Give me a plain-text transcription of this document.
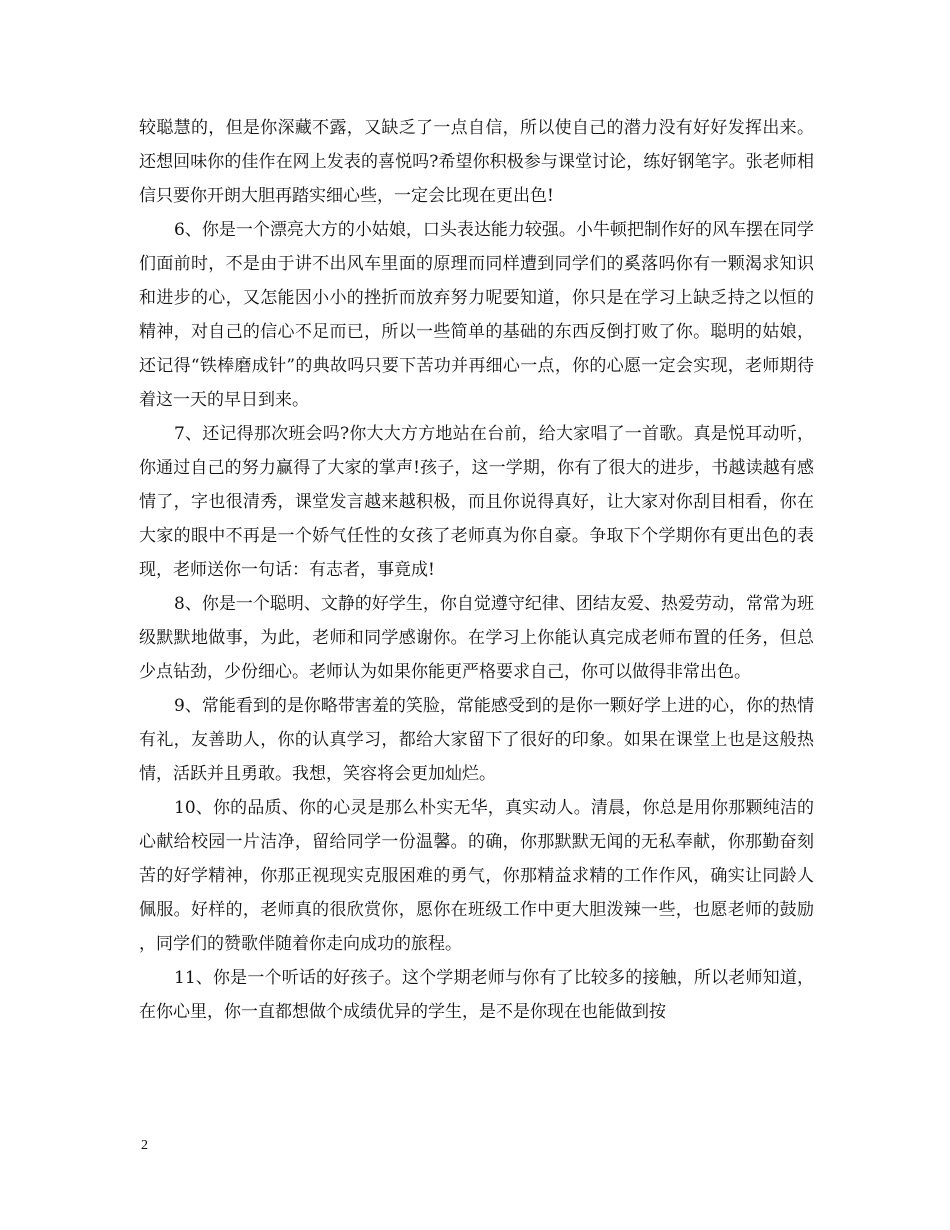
较聪慧的，但是你深藏不露，又缺乏了一点自信，所以使自己的潜力没有好好发挥出来。还想回味你的佳作在网上发表的喜悦吗?希望你积极参与课堂讨论，练好钢笔字。张老师相信只要你开朗大胆再踏实细心些，一定会比现在更出色!

6、你是一个漂亮大方的小姑娘，口头表达能力较强。小牛顿把制作好的风车摆在同学们面前时，不是由于讲不出风车里面的原理而同样遭到同学们的奚落吗你有一颗渴求知识和进步的心，又怎能因小小的挫折而放弃努力呢要知道，你只是在学习上缺乏持之以恒的精神，对自己的信心不足而已，所以一些简单的基础的东西反倒打败了你。聪明的姑娘，还记得“铁棒磨成针”的典故吗只要下苦功并再细心一点，你的心愿一定会实现，老师期待着这一天的早日到来。

7、还记得那次班会吗?你大大方方地站在台前，给大家唱了一首歌。真是悦耳动听，你通过自己的努力赢得了大家的掌声!孩子，这一学期，你有了很大的进步，书越读越有感情了，字也很清秀，课堂发言越来越积极，而且你说得真好，让大家对你刮目相看，你在大家的眼中不再是一个娇气任性的女孩了老师真为你自豪。争取下个学期你有更出色的表现，老师送你一句话：有志者，事竟成!

8、你是一个聪明、文静的好学生，你自觉遵守纪律、团结友爱、热爱劳动，常常为班级默默地做事，为此，老师和同学感谢你。在学习上你能认真完成老师布置的任务，但总少点钻劲，少份细心。老师认为如果你能更严格要求自己，你可以做得非常出色。

9、常能看到的是你略带害羞的笑脸，常能感受到的是你一颗好学上进的心，你的热情有礼，友善助人，你的认真学习，都给大家留下了很好的印象。如果在课堂上也是这般热情，活跃并且勇敢。我想，笑容将会更加灿烂。

10、你的品质、你的心灵是那么朴实无华，真实动人。清晨，你总是用你那颗纯洁的心献给校园一片洁净，留给同学一份温馨。的确，你那默默无闻的无私奉献，你那勤奋刻苦的好学精神，你那正视现实克服困难的勇气，你那精益求精的工作作风，确实让同龄人佩服。好样的，老师真的很欣赏你，愿你在班级工作中更大胆泼辣一些，也愿老师的鼓励，同学们的赞歌伴随着你走向成功的旅程。

11、你是一个听话的好孩子。这个学期老师与你有了比较多的接触，所以老师知道，在你心里，你一直都想做个成绩优异的学生，是不是你现在也能做到按

2
